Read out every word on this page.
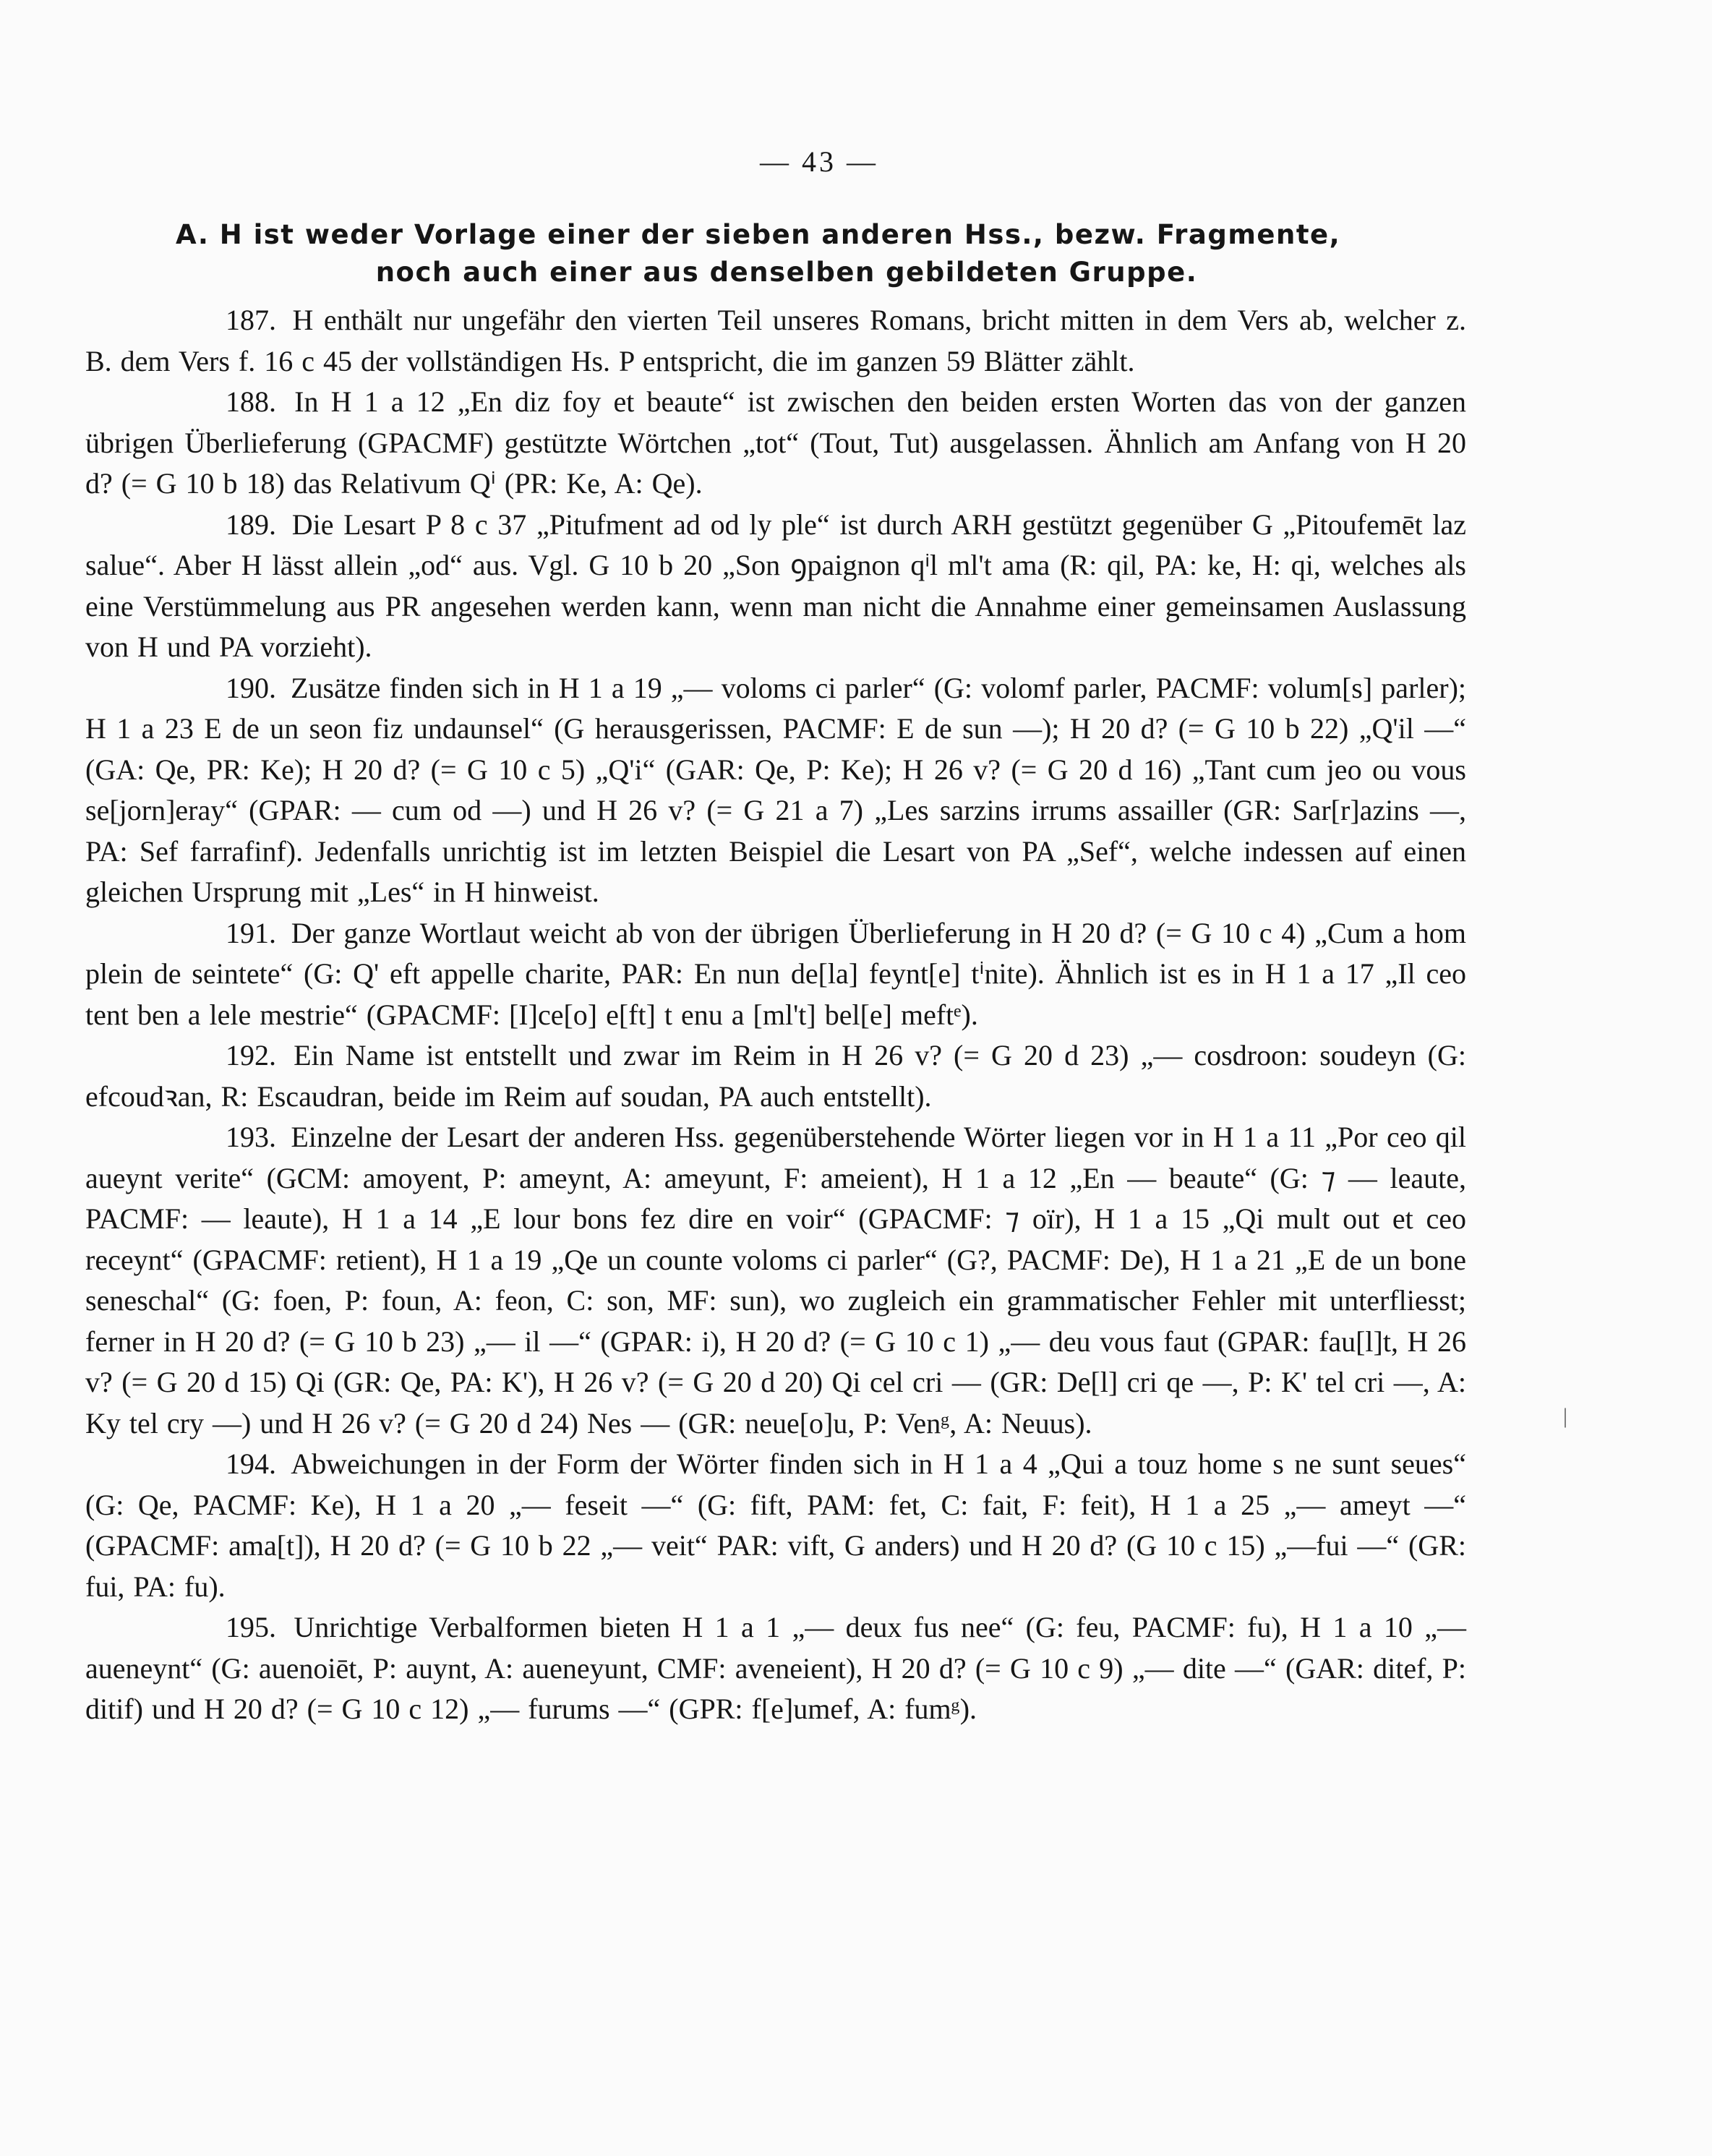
— 43 —
A. H ist weder Vorlage einer der sieben anderen Hss., bezw. Fragmente,
noch auch einer aus denselben gebildeten Gruppe.

187. H enthält nur ungefähr den vierten Teil unseres Romans, bricht mitten in dem Vers ab, welcher z. B. dem Vers f. 16 c 45 der vollständigen Hs. P entspricht, die im ganzen 59 Blätter zählt.

188. In H 1 a 12 „En diz foy et beaute“ ist zwischen den beiden ersten Worten das von der ganzen übrigen Überlieferung (GPACMF) gestützte Wörtchen „tot“ (Tout, Tut) ausgelassen. Ähnlich am Anfang von H 20 d? (= G 10 b 18) das Relativum Qⁱ (PR: Ke, A: Qe).

189. Die Lesart P 8 c 37 „Pitufment ad od ly ple“ ist durch ARH gestützt gegenüber G „Pitoufemēt laz salue“. Aber H lässt allein „od“ aus. Vgl. G 10 b 20 „Son ꝯpaignon qⁱl ml't ama (R: qil, PA: ke, H: qi, welches als eine Verstümmelung aus PR angesehen werden kann, wenn man nicht die Annahme einer gemeinsamen Auslassung von H und PA vorzieht).

190. Zusätze finden sich in H 1 a 19 „— voloms ci parler“ (G: volomf parler, PACMF: volum[s] parler); H 1 a 23 E de un seon fiz undaunsel“ (G herausgerissen, PACMF: E de sun —); H 20 d? (= G 10 b 22) „Q'il —“ (GA: Qe, PR: Ke); H 20 d? (= G 10 c 5) „Q'i“ (GAR: Qe, P: Ke); H 26 v? (= G 20 d 16) „Tant cum jeo ou vous se[jorn]eray“ (GPAR: — cum od —) und H 26 v? (= G 21 a 7) „Les sarzins irrums assailler (GR: Sar[r]azins —, PA: Sef farrafinf). Jedenfalls unrichtig ist im letzten Beispiel die Lesart von PA „Sef“, welche indessen auf einen gleichen Ursprung mit „Les“ in H hinweist.

191. Der ganze Wortlaut weicht ab von der übrigen Überlieferung in H 20 d? (= G 10 c 4) „Cum a hom plein de seintete“ (G: Q' eft appelle charite, PAR: En nun de[la] feynt[e] tⁱnite). Ähnlich ist es in H 1 a 17 „Il ceo tent ben a lele mestrie“ (GPACMF: [I]ce[o] e[ft] t enu a [ml't] bel[e] meftᵉ).

192. Ein Name ist entstellt und zwar im Reim in H 26 v? (= G 20 d 23) „— cosdroon: soudeyn (G: efcoudꝛan, R: Escaudran, beide im Reim auf soudan, PA auch entstellt).

193. Einzelne der Lesart der anderen Hss. gegenüberstehende Wörter liegen vor in H 1 a 11 „Por ceo qil aueynt verite“ (GCM: amoyent, P: ameynt, A: ameyunt, F: ameient), H 1 a 12 „En — beaute“ (G: ⁊ — leaute, PACMF: — leaute), H 1 a 14 „E lour bons fez dire en voir“ (GPACMF: ⁊ oïr), H 1 a 15 „Qi mult out et ceo receynt“ (GPACMF: retient), H 1 a 19 „Qe un counte voloms ci parler“ (G?, PACMF: De), H 1 a 21 „E de un bone seneschal“ (G: foen, P: foun, A: feon, C: son, MF: sun), wo zugleich ein grammatischer Fehler mit unterfliesst; ferner in H 20 d? (= G 10 b 23) „— il —“ (GPAR: i), H 20 d? (= G 10 c 1) „— deu vous faut (GPAR: fau[l]t, H 26 v? (= G 20 d 15) Qi (GR: Qe, PA: K'), H 26 v? (= G 20 d 20) Qi cel cri — (GR: De[l] cri qe —, P: K' tel cri —, A: Ky tel cry —) und H 26 v? (= G 20 d 24) Nes — (GR: neue[o]u, P: Venᵍ, A: Neuus).

194. Abweichungen in der Form der Wörter finden sich in H 1 a 4 „Qui a touz home s ne sunt seues“ (G: Qe, PACMF: Ke), H 1 a 20 „— feseit —“ (G: fift, PAM: fet, C: fait, F: feit), H 1 a 25 „— ameyt —“ (GPACMF: ama[t]), H 20 d? (= G 10 b 22 „— veit“ PAR: vift, G anders) und H 20 d? (G 10 c 15) „—fui —“ (GR: fui, PA: fu).

195. Unrichtige Verbalformen bieten H 1 a 1 „— deux fus nee“ (G: feu, PACMF: fu), H 1 a 10 „— aueneynt“ (G: auenoiēt, P: auynt, A: aueneyunt, CMF: aveneient), H 20 d? (= G 10 c 9) „— dite —“ (GAR: ditef, P: ditif) und H 20 d? (= G 10 c 12) „— furums —“ (GPR: f[e]umef, A: fumᵍ).

|
